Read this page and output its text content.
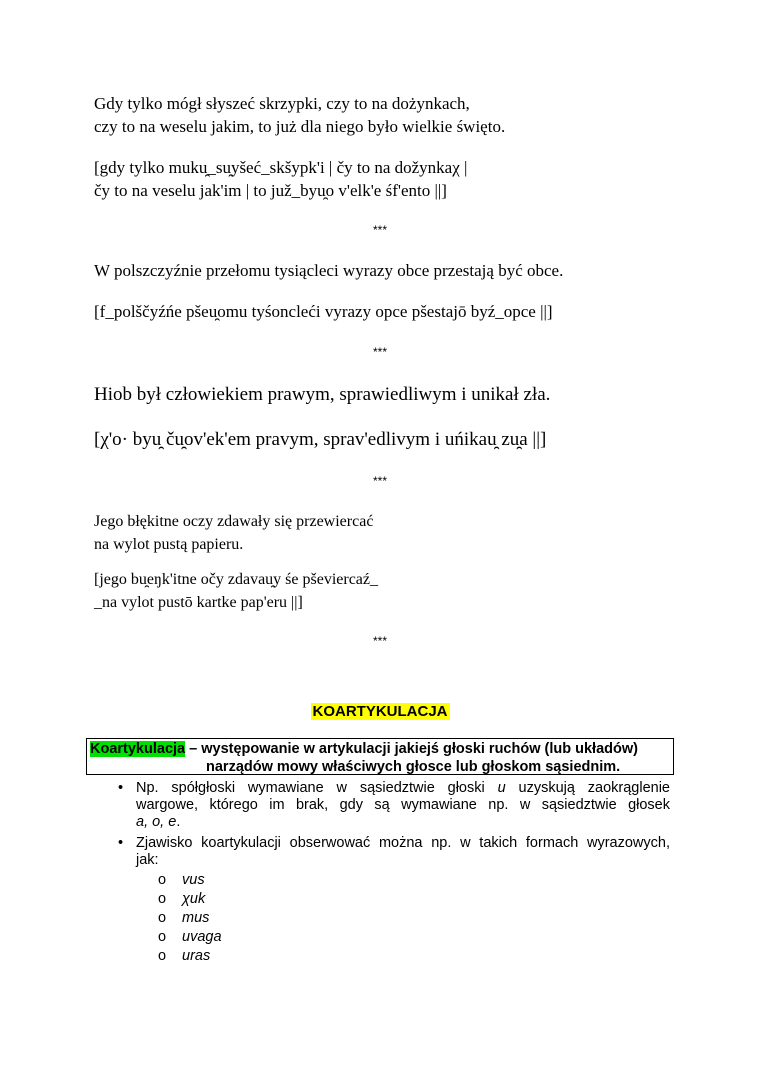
Gdy tylko mógł słyszeć skrzypki, czy to na dożynkach,
czy to na weselu jakim, to już dla niego było wielkie święto.
[gdy tylko muku̯_su̯yšeć_skšypk'i | čy to na dožynkaχ |
čy to na veselu jak'im | to juž_byu̯o v'elk'e śf'ento ||]
***
W polszczyźnie przełomu tysiącleci wyrazy obce przestają być obce.
[f_polščyźńe pšeu̯omu tyśoncleći vyrazy opce pšestajō byź_opce ||]
***
Hiob był człowiekiem prawym, sprawiedliwym i unikał zła.
[χ'o· byu̯ ču̯ov'ek'em pravym, sprav'edlivym i uńikau̯ zu̯a ||]
***
Jego błękitne oczy zdawały się przewiercać
na wylot pustą papieru.
[jego bu̯eŋk'itne očy zdavau̯y śe pševiercaź_
_na vylot pustō kartke pap'eru ||]
***
KOARTYKULACJA
Koartykulacja – występowanie w artykulacji jakiejś głoski ruchów (lub układów)
narządów mowy właściwych głosce lub głoskom sąsiednim.
• Np. spółgłoski wymawiane w sąsiedztwie głoski u uzyskują zaokrąglenie
wargowe, którego im brak, gdy są wymawiane np. w sąsiedztwie głosek
a, o, e.
• Zjawisko koartykulacji obserwować można np. w takich formach wyrazowych,
jak:
o vus
o χuk
o mus
o uvaga
o uras
